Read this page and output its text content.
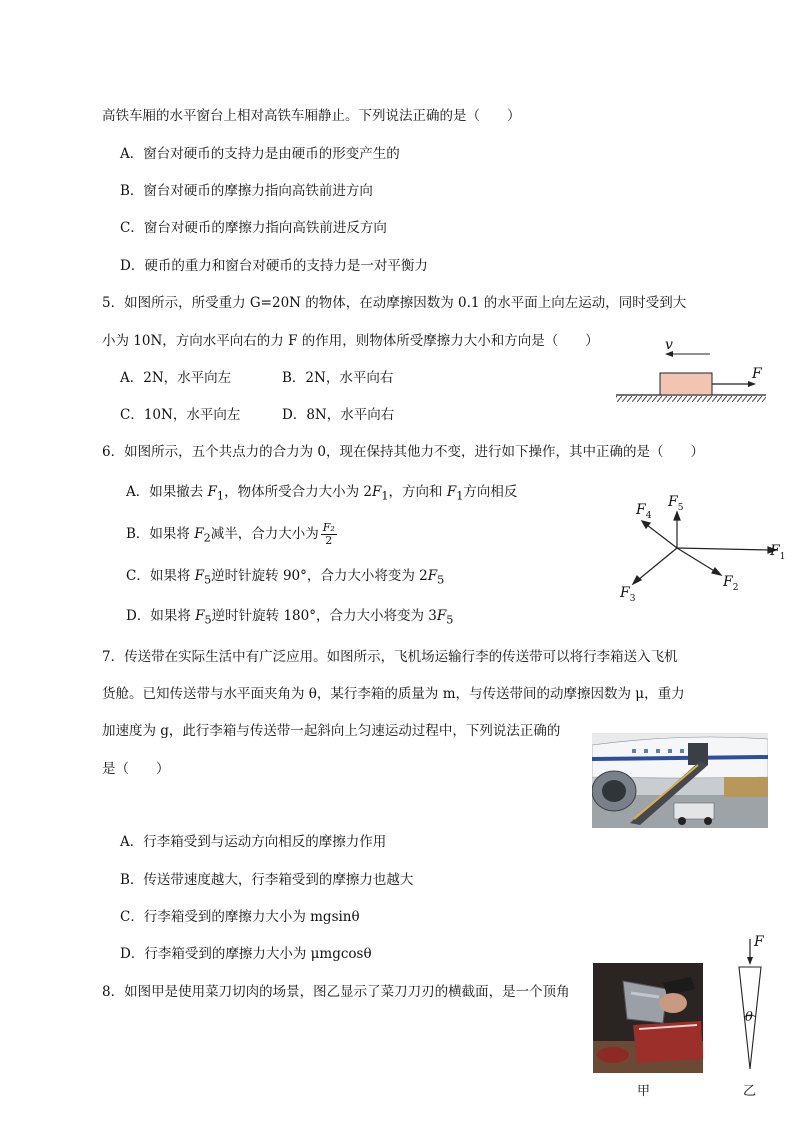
高铁车厢的水平窗台上相对高铁车厢静止。下列说法正确的是（　　）
A．窗台对硬币的支持力是由硬币的形变产生的
B．窗台对硬币的摩擦力指向高铁前进方向
C．窗台对硬币的摩擦力指向高铁前进反方向
D．硬币的重力和窗台对硬币的支持力是一对平衡力
5．如图所示，所受重力 G=20N 的物体，在动摩擦因数为 0.1 的水平面上向左运动，同时受到大
小为 10N，方向水平向右的力 F 的作用，则物体所受摩擦力大小和方向是（　　）
A．2N，水平向左	B．2N，水平向右
C．10N，水平向左	D．8N，水平向右
v
F
6．如图所示，五个共点力的合力为 0，现在保持其他力不变，进行如下操作，其中正确的是（　　）
A．如果撤去 $F_1$，物体所受合力大小为 $2F_1$，方向和 $F_1$方向相反
B．如果将 $F_2$减半，合力大小为 $\frac{\text{F₂}}{2}$
C．如果将 $F_5$逆时针旋转 90°，合力大小将变为 $2F_5$
D．如果将 $F_5$逆时针旋转 180°，合力大小将变为 $3F_5$
$F_1$
$F_2$
$F_3$
$F_4$
$F_5$
7．传送带在实际生活中有广泛应用。如图所示，飞机场运输行李的传送带可以将行李箱送入飞机
货舱。已知传送带与水平面夹角为 θ，某行李箱的质量为 m，与传送带间的动摩擦因数为 μ，重力
加速度为 g，此行李箱与传送带一起斜向上匀速运动过程中，下列说法正确的
是（　　）
A．行李箱受到与运动方向相反的摩擦力作用
B．传送带速度越大，行李箱受到的摩擦力也越大
C．行李箱受到的摩擦力大小为 mgsinθ
D．行李箱受到的摩擦力大小为 μmgcosθ
8．如图甲是使用菜刀切肉的场景，图乙显示了菜刀刀刃的横截面，是一个顶角
甲
F
θ
乙
